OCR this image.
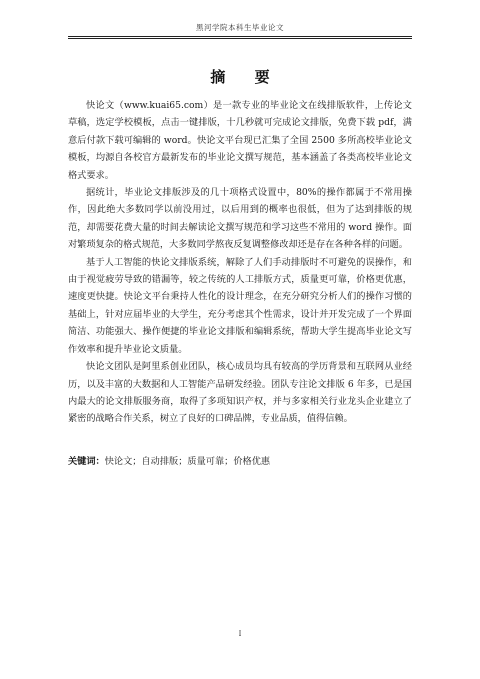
黑河学院本科生毕业论文
摘 要

快论文（www.kuai65.com）是一款专业的毕业论文在线排版软件，上传论文草稿，选定学校模板，点击一键排版，十几秒就可完成论文排版，免费下载 pdf，满意后付款下载可编辑的 word。快论文平台现已汇集了全国 2500 多所高校毕业论文模板，均源自各校官方最新发布的毕业论文撰写规范，基本涵盖了各类高校毕业论文格式要求。

据统计，毕业论文排版涉及的几十项格式设置中，80%的操作都属于不常用操作，因此绝大多数同学以前没用过，以后用到的概率也很低，但为了达到排版的规范，却需要花费大量的时间去解读论文撰写规范和学习这些不常用的 word 操作。面对繁琐复杂的格式规范，大多数同学熬夜反复调整修改却还是存在各种各样的问题。

基于人工智能的快论文排版系统，解除了人们手动排版时不可避免的误操作，和由于视觉疲劳导致的错漏等，较之传统的人工排版方式，质量更可靠，价格更优惠，速度更快捷。快论文平台秉持人性化的设计理念，在充分研究分析人们的操作习惯的基础上，针对应届毕业的大学生，充分考虑其个性需求，设计并开发完成了一个界面简洁、功能强大、操作便捷的毕业论文排版和编辑系统，帮助大学生提高毕业论文写作效率和提升毕业论文质量。

快论文团队是阿里系创业团队，核心成员均具有较高的学历背景和互联网从业经历，以及丰富的大数据和人工智能产品研发经验。团队专注论文排版 6 年多，已是国内最大的论文排版服务商，取得了多项知识产权，并与多家相关行业龙头企业建立了紧密的战略合作关系，树立了良好的口碑品牌，专业品质，值得信赖。

关键词：快论文；自动排版；质量可靠；价格优惠
I
